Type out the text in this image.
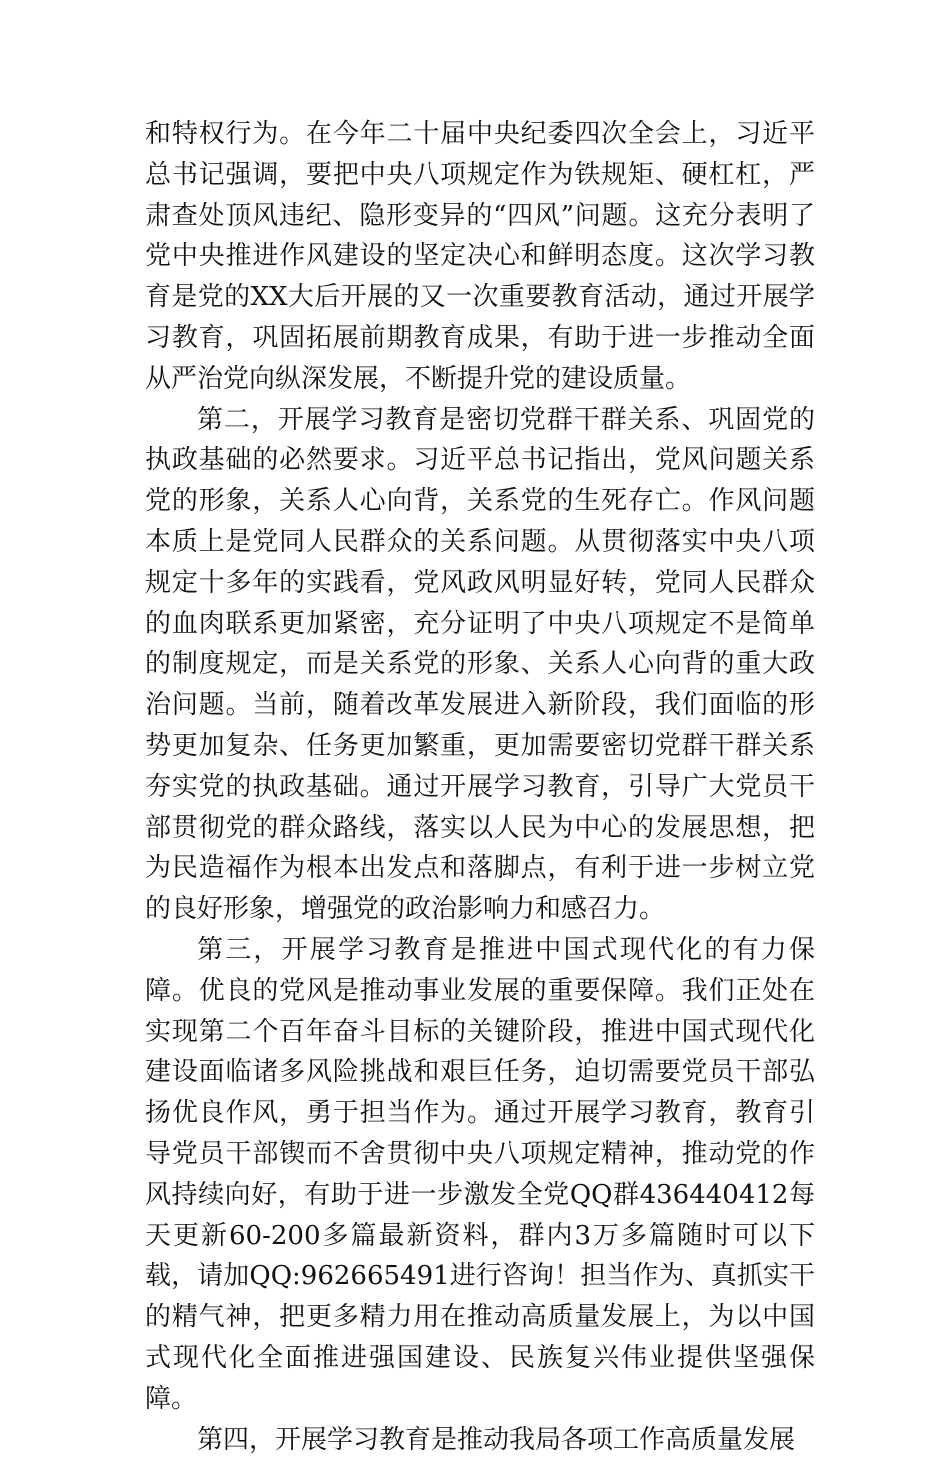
和特权行为。在今年二十届中央纪委四次全会上，习近平总书记强调，要把中央八项规定作为铁规矩、硬杠杠，严肃查处顶风违纪、隐形变异的“四风”问题。这充分表明了党中央推进作风建设的坚定决心和鲜明态度。这次学习教育是党的XX大后开展的又一次重要教育活动，通过开展学习教育，巩固拓展前期教育成果，有助于进一步推动全面从严治党向纵深发展，不断提升党的建设质量。

第二，开展学习教育是密切党群干群关系、巩固党的执政基础的必然要求。习近平总书记指出，党风问题关系党的形象，关系人心向背，关系党的生死存亡。作风问题本质上是党同人民群众的关系问题。从贯彻落实中央八项规定十多年的实践看，党风政风明显好转，党同人民群众的血肉联系更加紧密，充分证明了中央八项规定不是简单的制度规定，而是关系党的形象、关系人心向背的重大政治问题。当前，随着改革发展进入新阶段，我们面临的形势更加复杂、任务更加繁重，更加需要密切党群干群关系夯实党的执政基础。通过开展学习教育，引导广大党员干部贯彻党的群众路线，落实以人民为中心的发展思想，把为民造福作为根本出发点和落脚点，有利于进一步树立党的良好形象，增强党的政治影响力和感召力。

第三，开展学习教育是推进中国式现代化的有力保障。优良的党风是推动事业发展的重要保障。我们正处在实现第二个百年奋斗目标的关键阶段，推进中国式现代化建设面临诸多风险挑战和艰巨任务，迫切需要党员干部弘扬优良作风，勇于担当作为。通过开展学习教育，教育引导党员干部锲而不舍贯彻中央八项规定精神，推动党的作风持续向好，有助于进一步激发全党QQ群436440412每天更新60-200多篇最新资料，群内3万多篇随时可以下载，请加QQ:962665491进行咨询！担当作为、真抓实干的精气神，把更多精力用在推动高质量发展上，为以中国式现代化全面推进强国建设、民族复兴伟业提供坚强保障。

第四，开展学习教育是推动我局各项工作高质量发展
